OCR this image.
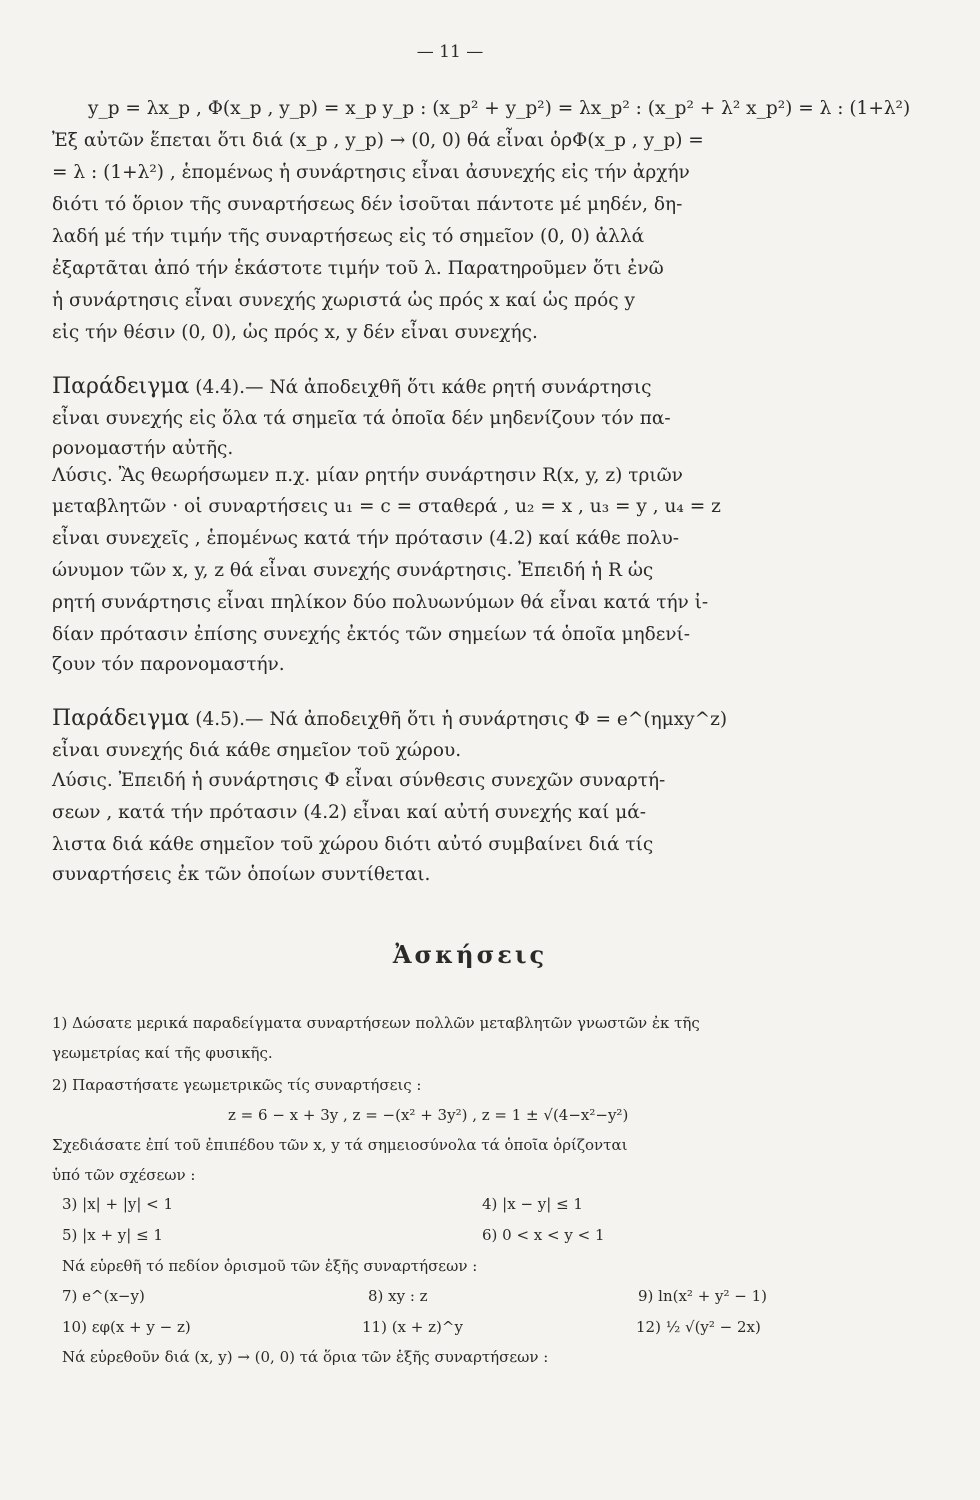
— 11 —
y_p = λx_p , Φ(x_p , y_p) = x_p y_p : (x_p² + y_p²) = λx_p² : (x_p² + λ² x_p²) = λ : (1+λ²)
Ἐξ αὐτῶν ἕπεται ὅτι διά (x_p , y_p) → (0, 0) θά εἶναι ὁρΦ(x_p , y_p) =
= λ : (1+λ²) , ἑπομένως ἡ συνάρτησις εἶναι ἀσυνεχής εἰς τήν ἀρχήν
διότι τό ὅριον τῆς συναρτήσεως δέν ἰσοῦται πάντοτε μέ μηδέν, δη-
λαδή μέ τήν τιμήν τῆς συναρτήσεως εἰς τό σημεῖον (0, 0) ἀλλά
ἐξαρτᾶται ἀπό τήν ἑκάστοτε τιμήν τοῦ λ. Παρατηροῦμεν ὅτι ἐνῶ
ἡ συνάρτησις εἶναι συνεχής χωριστά ὡς πρός x καί ὡς πρός y
εἰς τήν θέσιν (0, 0), ὡς πρός x, y δέν εἶναι συνεχής.
Παράδειγμα (4.4).— Νά ἀποδειχθῆ ὅτι κάθε ρητή συνάρτησις
εἶναι συνεχής εἰς ὅλα τά σημεῖα τά ὁποῖα δέν μηδενίζουν τόν πα-
ρονομαστήν αὐτῆς.
Λύσις. Ἂς θεωρήσωμεν π.χ. μίαν ρητήν συνάρτησιν R(x, y, z) τριῶν
μεταβλητῶν · οἱ συναρτήσεις u₁ = c = σταθερά , u₂ = x , u₃ = y , u₄ = z
εἶναι συνεχεῖς , ἑπομένως κατά τήν πρότασιν (4.2) καί κάθε πολυ-
ώνυμον τῶν x, y, z θά εἶναι συνεχής συνάρτησις. Ἐπειδή ἡ R ὡς
ρητή συνάρτησις εἶναι πηλίκον δύο πολυωνύμων θά εἶναι κατά τήν ἰ-
δίαν πρότασιν ἐπίσης συνεχής ἐκτός τῶν σημείων τά ὁποῖα μηδενί-
ζουν τόν παρονομαστήν.
Παράδειγμα (4.5).— Νά ἀποδειχθῆ ὅτι ἡ συνάρτησις Φ = e^(ημxy^z)
εἶναι συνεχής διά κάθε σημεῖον τοῦ χώρου.
Λύσις. Ἐπειδή ἡ συνάρτησις Φ εἶναι σύνθεσις συνεχῶν συναρτή-
σεων , κατά τήν πρότασιν (4.2) εἶναι καί αὐτή συνεχής καί μά-
λιστα διά κάθε σημεῖον τοῦ χώρου διότι αὐτό συμβαίνει διά τίς
συναρτήσεις ἐκ τῶν ὁποίων συντίθεται.
Ἀσκήσεις
1) Δώσατε μερικά παραδείγματα συναρτήσεων πολλῶν μεταβλητῶν γνωστῶν ἐκ τῆς
γεωμετρίας καί τῆς φυσικῆς.
2) Παραστήσατε γεωμετρικῶς τίς συναρτήσεις :
z = 6 − x + 3y , z = −(x² + 3y²) , z = 1 ± √(4−x²−y²)
Σχεδιάσατε ἐπί τοῦ ἐπιπέδου τῶν x, y τά σημειοσύνολα τά ὁποῖα ὁρίζονται
ὑπό τῶν σχέσεων :
3) |x| + |y| < 1	4) |x − y| ≤ 1
5) |x + y| ≤ 1	6) 0 < x < y < 1
Νά εὑρεθῆ τό πεδίον ὁρισμοῦ τῶν ἑξῆς συναρτήσεων :
7) e^(x−y)	8) xy : z	9) ln(x² + y² − 1)
10) εφ(x + y − z)	11) (x + z)^y	12) ½ √(y² − 2x)
Νά εὑρεθοῦν διά (x, y) → (0, 0) τά ὅρια τῶν ἑξῆς συναρτήσεων :
